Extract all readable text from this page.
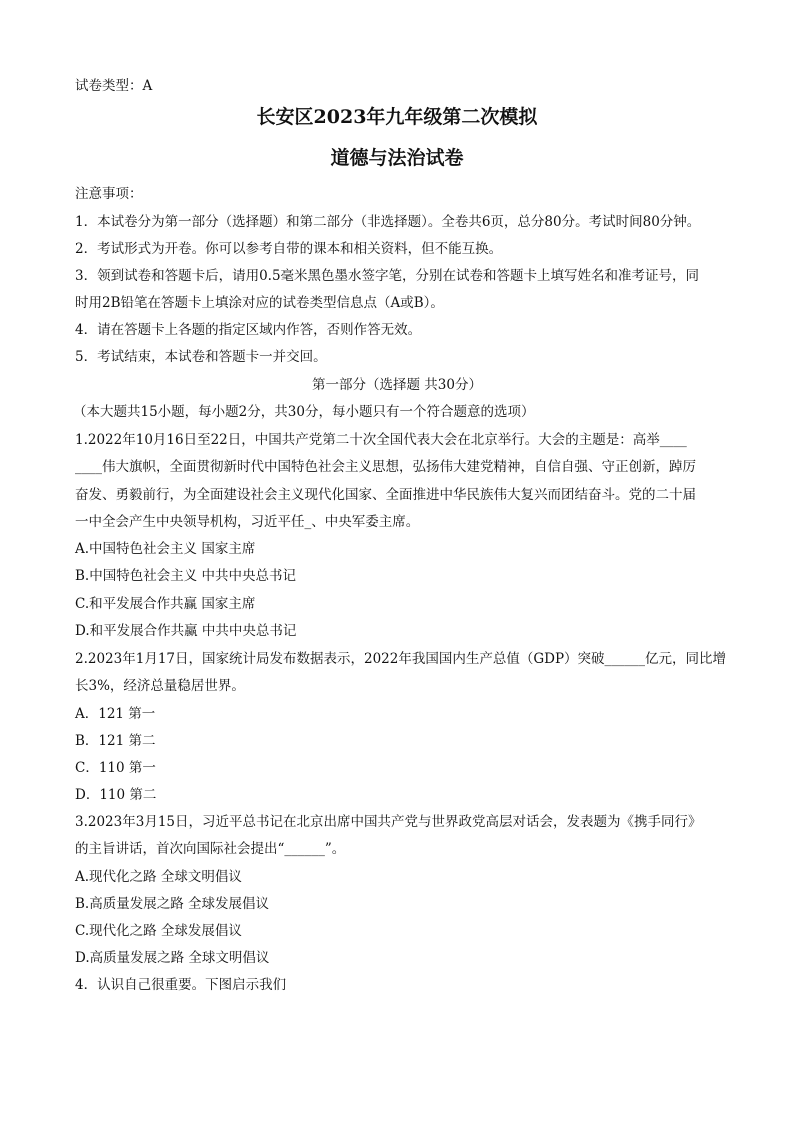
试卷类型：A
长安区2023年九年级第二次模拟
道德与法治试卷
注意事项：
1．本试卷分为第一部分（选择题）和第二部分（非选择题）。全卷共6页，总分80分。考试时间80分钟。
2．考试形式为开卷。你可以参考自带的课本和相关资料，但不能互换。
3．领到试卷和答题卡后，请用0.5毫米黑色墨水签字笔，分别在试卷和答题卡上填写姓名和准考证号，同
时用2B铅笔在答题卡上填涂对应的试卷类型信息点（A或B）。
4．请在答题卡上各题的指定区域内作答，否则作答无效。
5．考试结束，本试卷和答题卡一并交回。
第一部分（选择题 共30分）
（本大题共15小题，每小题2分，共30分，每小题只有一个符合题意的选项）
1.2022年10月16日至22日，中国共产党第二十次全国代表大会在北京举行。大会的主题是：高举____
____伟大旗帜，全面贯彻新时代中国特色社会主义思想，弘扬伟大建党精神，自信自强、守正创新，踔厉
奋发、勇毅前行，为全面建设社会主义现代化国家、全面推进中华民族伟大复兴而团结奋斗。党的二十届
一中全会产生中央领导机构，习近平任_、中央军委主席。
A.中国特色社会主义 国家主席
B.中国特色社会主义 中共中央总书记
C.和平发展合作共赢 国家主席
D.和平发展合作共赢 中共中央总书记
2.2023年1月17日，国家统计局发布数据表示，2022年我国国内生产总值（GDP）突破______亿元，同比增
长3%，经济总量稳居世界。
A．121 第一
B．121 第二
C．110 第一
D．110 第二
3.2023年3月15日，习近平总书记在北京出席中国共产党与世界政党高层对话会，发表题为《携手同行》
的主旨讲话，首次向国际社会提出“______”。
A.现代化之路 全球文明倡议
B.高质量发展之路 全球发展倡议
C.现代化之路 全球发展倡议
D.高质量发展之路 全球文明倡议
4．认识自己很重要。下图启示我们
